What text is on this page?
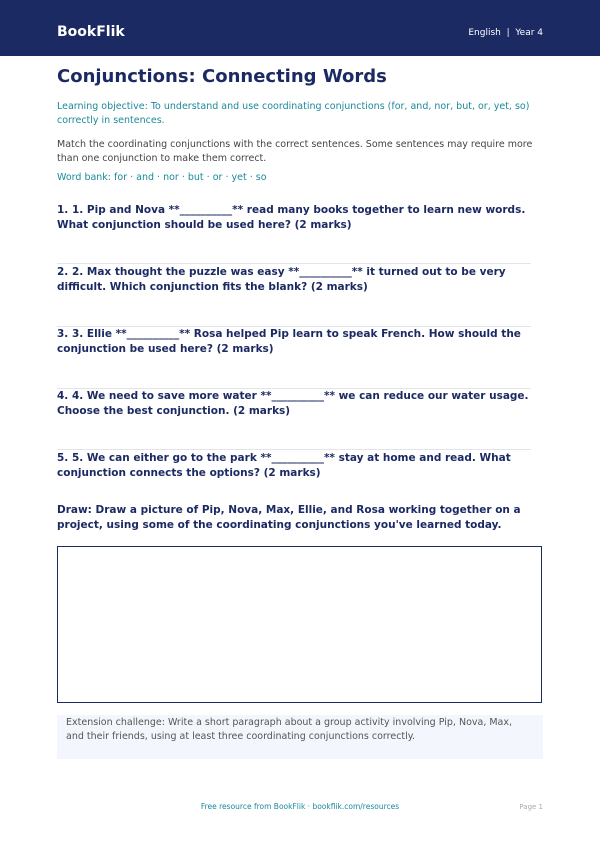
BookFlik	English  |  Year 4
Conjunctions: Connecting Words
Learning objective: To understand and use coordinating conjunctions (for, and, nor, but, or, yet, so) correctly in sentences.
Match the coordinating conjunctions with the correct sentences. Some sentences may require more than one conjunction to make them correct.
Word bank: for · and · nor · but · or · yet · so
1. 1. Pip and Nova **__________** read many books together to learn new words. What conjunction should be used here? (2 marks)
2. 2. Max thought the puzzle was easy **__________** it turned out to be very difficult. Which conjunction fits the blank? (2 marks)
3. 3. Ellie **__________** Rosa helped Pip learn to speak French. How should the conjunction be used here? (2 marks)
4. 4. We need to save more water **__________** we can reduce our water usage. Choose the best conjunction. (2 marks)
5. 5. We can either go to the park **__________** stay at home and read. What conjunction connects the options? (2 marks)
Draw: Draw a picture of Pip, Nova, Max, Ellie, and Rosa working together on a project, using some of the coordinating conjunctions you've learned today.
Extension challenge: Write a short paragraph about a group activity involving Pip, Nova, Max, and their friends, using at least three coordinating conjunctions correctly.
Free resource from BookFlik · bookflik.com/resources	Page 1
